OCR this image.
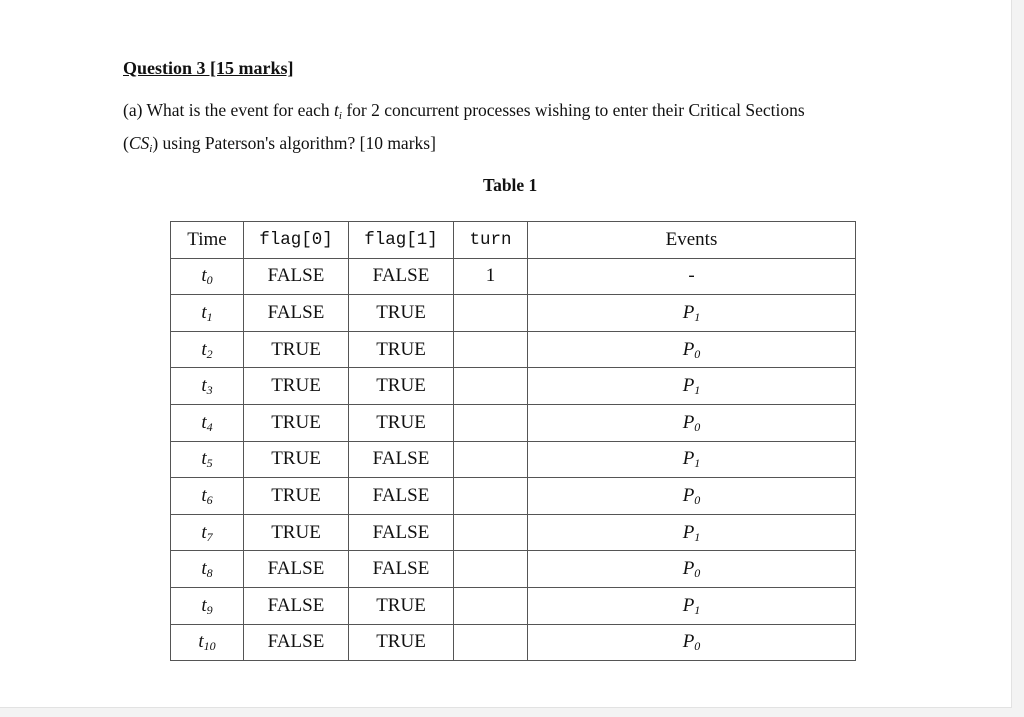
Question 3 [15 marks]
(a) What is the event for each $t_i$ for 2 concurrent processes wishing to enter their Critical Sections
$(CS_i)$ using Paterson's algorithm? [10 marks]
Table 1
Time	flag[0]	flag[1]	turn	Events
$t_0$	FALSE	FALSE	1	-
$t_1$	FALSE	TRUE		$P_1$
$t_2$	TRUE	TRUE		$P_0$
$t_3$	TRUE	TRUE		$P_1$
$t_4$	TRUE	TRUE		$P_0$
$t_5$	TRUE	FALSE		$P_1$
$t_6$	TRUE	FALSE		$P_0$
$t_7$	TRUE	FALSE		$P_1$
$t_8$	FALSE	FALSE		$P_0$
$t_9$	FALSE	TRUE		$P_1$
$t_{10}$	FALSE	TRUE		$P_0$
